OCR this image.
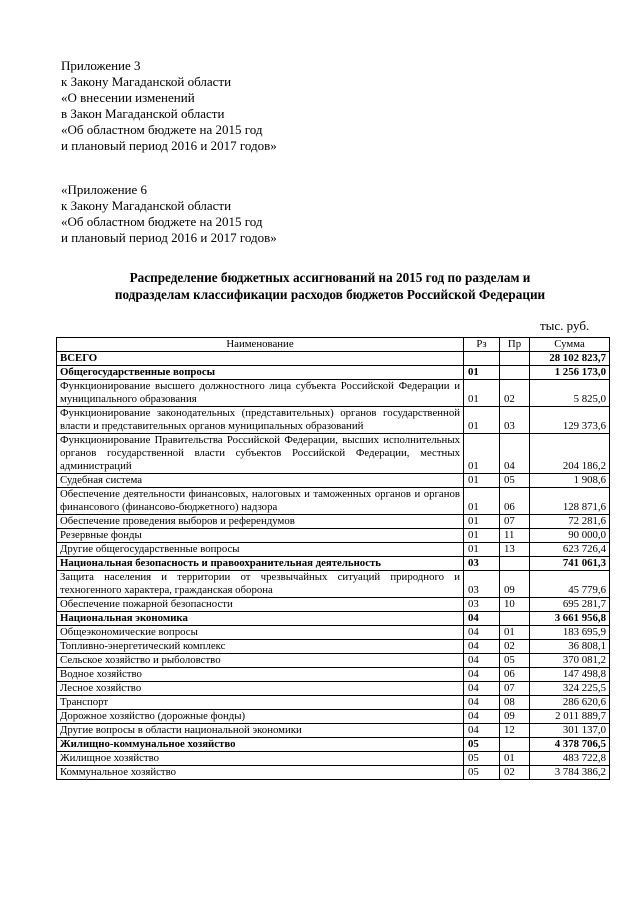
Приложение 3
к Закону Магаданской области
«О внесении изменений
в Закон Магаданской области
«Об областном бюджете на 2015 год
и плановый период 2016 и 2017 годов»
«Приложение 6
к Закону Магаданской области
«Об областном бюджете на 2015 год
и плановый период 2016 и 2017 годов»
Распределение бюджетных ассигнований на 2015 год по разделам и
подразделам классификации расходов бюджетов Российской Федерации
тыс. руб.
Наименование	Рз	Пр	Сумма
ВСЕГО			28 102 823,7
Общегосударственные вопросы	01		1 256 173,0
Функционирование высшего должностного лица субъекта Российской Федерации и муниципального образования	01	02	5 825,0
Функционирование законодательных (представительных) органов государственной власти и представительных органов муниципальных образований	01	03	129 373,6
Функционирование Правительства Российской Федерации, высших исполнительных органов государственной власти субъектов Российской Федерации, местных администраций	01	04	204 186,2
Судебная система	01	05	1 908,6
Обеспечение деятельности финансовых, налоговых и таможенных органов и органов финансового (финансово-бюджетного) надзора	01	06	128 871,6
Обеспечение проведения выборов и референдумов	01	07	72 281,6
Резервные фонды	01	11	90 000,0
Другие общегосударственные вопросы	01	13	623 726,4
Национальная безопасность и правоохранительная деятельность	03		741 061,3
Защита населения и территории от чрезвычайных ситуаций природного и техногенного характера, гражданская оборона	03	09	45 779,6
Обеспечение пожарной безопасности	03	10	695 281,7
Национальная экономика	04		3 661 956,8
Общеэкономические вопросы	04	01	183 695,9
Топливно-энергетический комплекс	04	02	36 808,1
Сельское хозяйство и рыболовство	04	05	370 081,2
Водное хозяйство	04	06	147 498,8
Лесное хозяйство	04	07	324 225,5
Транспорт	04	08	286 620,6
Дорожное хозяйство (дорожные фонды)	04	09	2 011 889,7
Другие вопросы в области национальной экономики	04	12	301 137,0
Жилищно-коммунальное хозяйство	05		4 378 706,5
Жилищное хозяйство	05	01	483 722,8
Коммунальное хозяйство	05	02	3 784 386,2
